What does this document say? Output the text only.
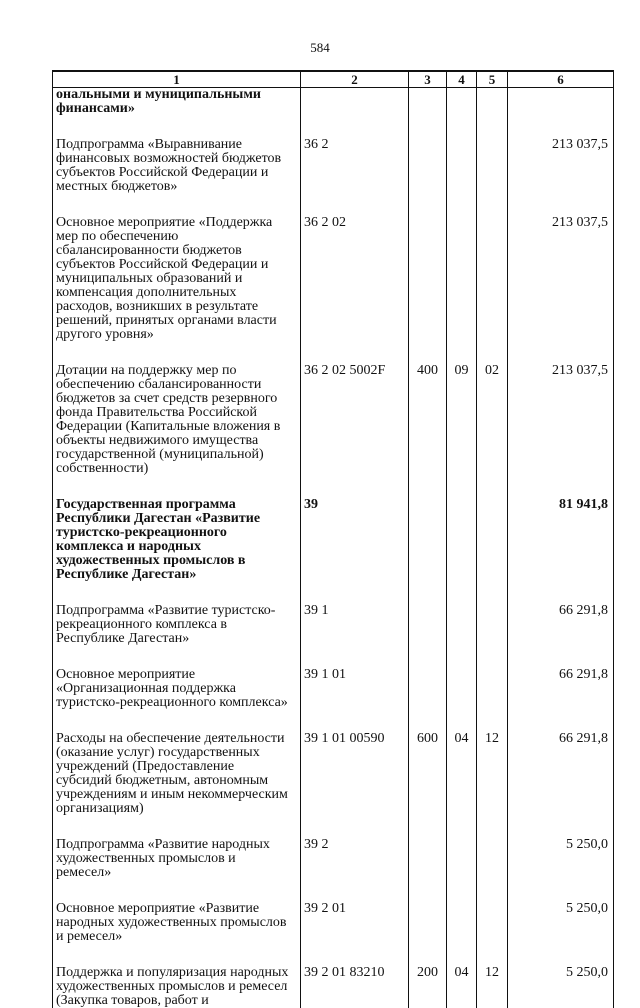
584
1	2	3	4	5	6
ональными и муниципальными финансами»					
Подпрограмма «Выравнивание финансовых возможностей бюджетов субъектов Российской Федерации и местных бюджетов»	36 2				213 037,5
Основное мероприятие «Поддержка мер по обеспечению сбалансированности бюджетов субъектов Российской Федерации и муниципальных образований и компенсация дополнительных расходов, возникших в результате решений, принятых органами власти другого уровня»	36 2 02				213 037,5
Дотации на поддержку мер по обеспечению сбалансированности бюджетов за счет средств резервного фонда Правительства Российской Федерации (Капитальные вложения в объекты недвижимого имущества государственной (муниципальной) собственности)	36 2 02 5002F	400	09	02	213 037,5
Государственная программа Республики Дагестан «Развитие туристско-рекреационного комплекса и народных художественных промыслов в Республике Дагестан»	39				81 941,8
Подпрограмма «Развитие туристско-рекреационного комплекса в Республике Дагестан»	39 1				66 291,8
Основное мероприятие «Организационная поддержка туристско-рекреационного комплекса»	39 1 01				66 291,8
Расходы на обеспечение деятельности (оказание услуг) государственных учреждений (Предоставление субсидий бюджетным, автономным учреждениям и иным некоммерческим организациям)	39 1 01 00590	600	04	12	66 291,8
Подпрограмма «Развитие народных художественных промыслов и ремесел»	39 2				5 250,0
Основное мероприятие «Развитие народных художественных промыслов и ремесел»	39 2 01				5 250,0
Поддержка и популяризация народных художественных промыслов и ремесел (Закупка товаров, работ и	39 2 01 83210	200	04	12	5 250,0
